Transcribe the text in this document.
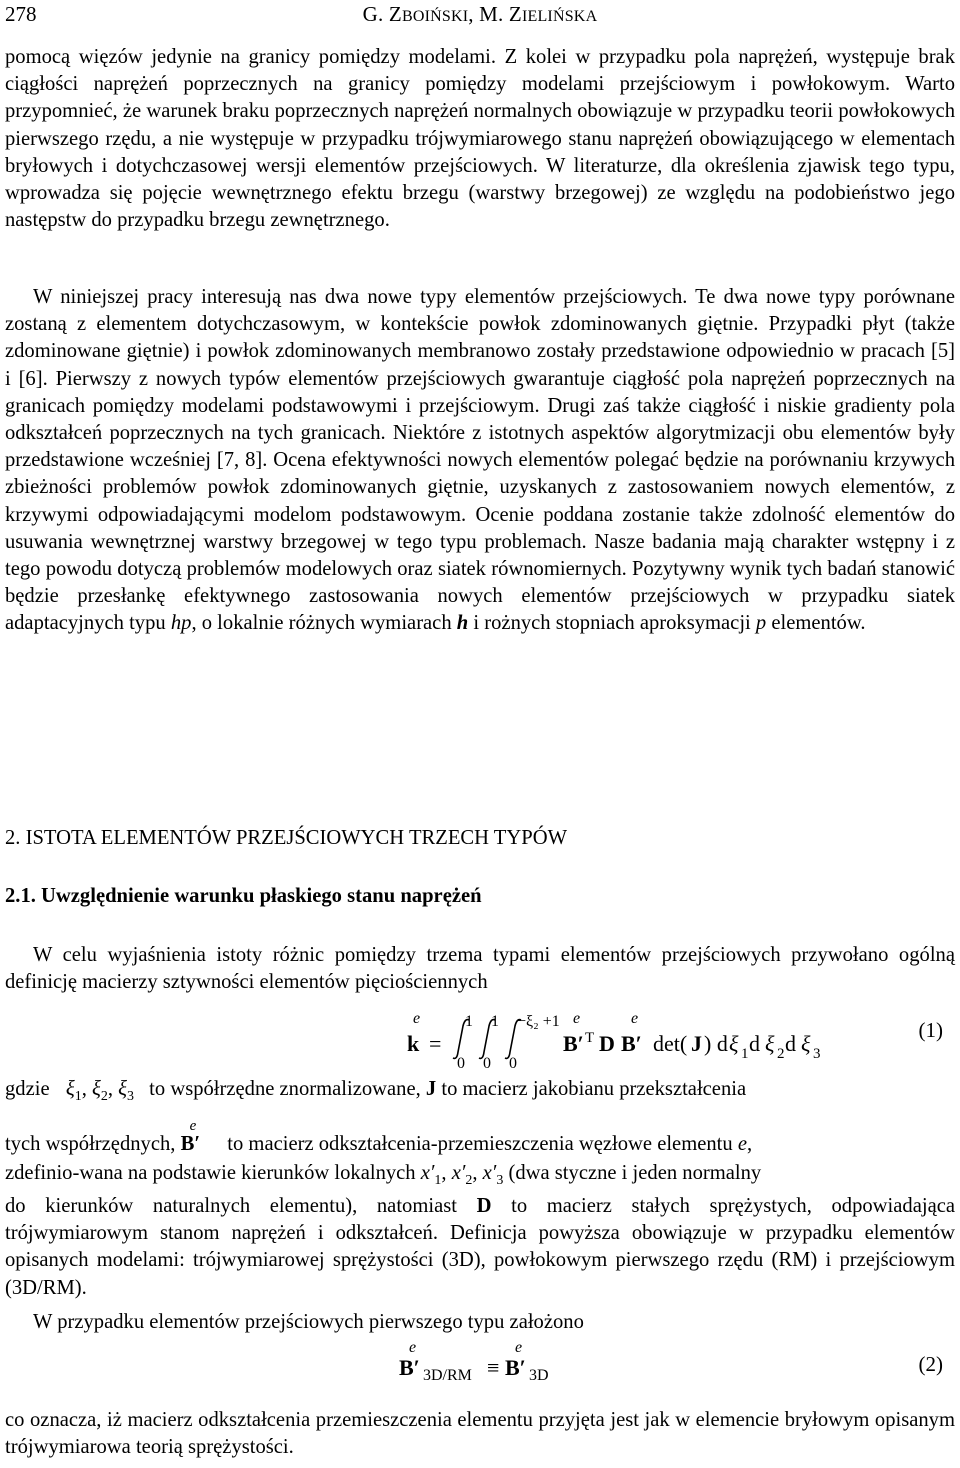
278	G. ZBOIŃSKI, M. ZIELIŃSKA
pomocą więzów jedynie na granicy pomiędzy modelami. Z kolei w przypadku pola naprężeń, występuje brak ciągłości naprężeń poprzecznych na granicy pomiędzy modelami przejściowym i powłokowym. Warto przypomnieć, że warunek braku poprzecznych naprężeń normalnych obowiązuje w przypadku teorii powłokowych pierwszego rzędu, a nie występuje w przypadku trójwymiarowego stanu naprężeń obowiązującego w elementach bryłowych i dotychczasowej wersji elementów przejściowych. W literaturze, dla określenia zjawisk tego typu, wprowadza się pojęcie wewnętrznego efektu brzegu (warstwy brzegowej) ze względu na podobieństwo jego następstw do przypadku brzegu zewnętrznego.
W niniejszej pracy interesują nas dwa nowe typy elementów przejściowych. Te dwa nowe typy porównane zostaną z elementem dotychczasowym, w kontekście powłok zdominowanych giętnie. Przypadki płyt (także zdominowane giętnie) i powłok zdominowanych membranowo zostały przedstawione odpowiednio w pracach [5] i [6]. Pierwszy z nowych typów elementów przejściowych gwarantuje ciągłość pola naprężeń poprzecznych na granicach pomiędzy modelami podstawowymi i przejściowym. Drugi zaś także ciągłość i niskie gradienty pola odkształceń poprzecznych na tych granicach. Niektóre z istotnych aspektów algorytmizacji obu elementów były przedstawione wcześniej [7, 8]. Ocena efektywności nowych elementów polegać będzie na porównaniu krzywych zbieżności problemów powłok zdominowanych giętnie, uzyskanych z zastosowaniem nowych elementów, z krzywymi odpowiadającymi modelom podstawowym. Ocenie poddana zostanie także zdolność elementów do usuwania wewnętrznej warstwy brzegowej w tego typu problemach. Nasze badania mają charakter wstępny i z tego powodu dotyczą problemów modelowych oraz siatek równomiernych. Pozytywny wynik tych badań stanowić będzie przesłankę efektywnego zastosowania nowych elementów przejściowych w przypadku siatek adaptacyjnych typu hp, o lokalnie różnych wymiarach h i rożnych stopniach aproksymacji p elementów.
2. ISTOTA ELEMENTÓW PRZEJŚCIOWYCH TRZECH TYPÓW
2.1. Uwzględnienie warunku płaskiego stanu naprężeń
W celu wyjaśnienia istoty różnic pomiędzy trzema typami elementów przejściowych przywołano ogólną definicję macierzy sztywności elementów pięciościennych
e
k =
1
0
1
0
−ξ₂ +1
0
e
B′ T D
e
B′ det( J ) d ξ 1 d ξ 2 d ξ 3
(1)
gdzie $\xi_1$, $\xi_2$, $\xi_3$ to współrzędne znormalizowane, J to macierz jakobianu przekształcenia
tych współrzędnych,
e
B′ to macierz odkształcenia-przemieszczenia węzłowe elementu e,
zdefinio-wana na podstawie kierunków lokalnych $x'_1$, $x'_2$, $x'_3$ (dwa styczne i jeden normalny
do kierunków naturalnych elementu), natomiast D to macierz stałych sprężystych, odpowiadająca trójwymiarowym stanom naprężeń i odkształceń. Definicja powyższa obowiązuje w przypadku elementów opisanych modelami: trójwymiarowej sprężystości (3D), powłokowym pierwszego rzędu (RM) i przejściowym (3D/RM).
W przypadku elementów przejściowych pierwszego typu założono
e
B′ 3D/RM ≡
e
B′ 3D	(2)
co oznacza, iż macierz odkształcenia przemieszczenia elementu przyjęta jest jak w elemencie bryłowym opisanym trójwymiarowa teorią sprężystości.
